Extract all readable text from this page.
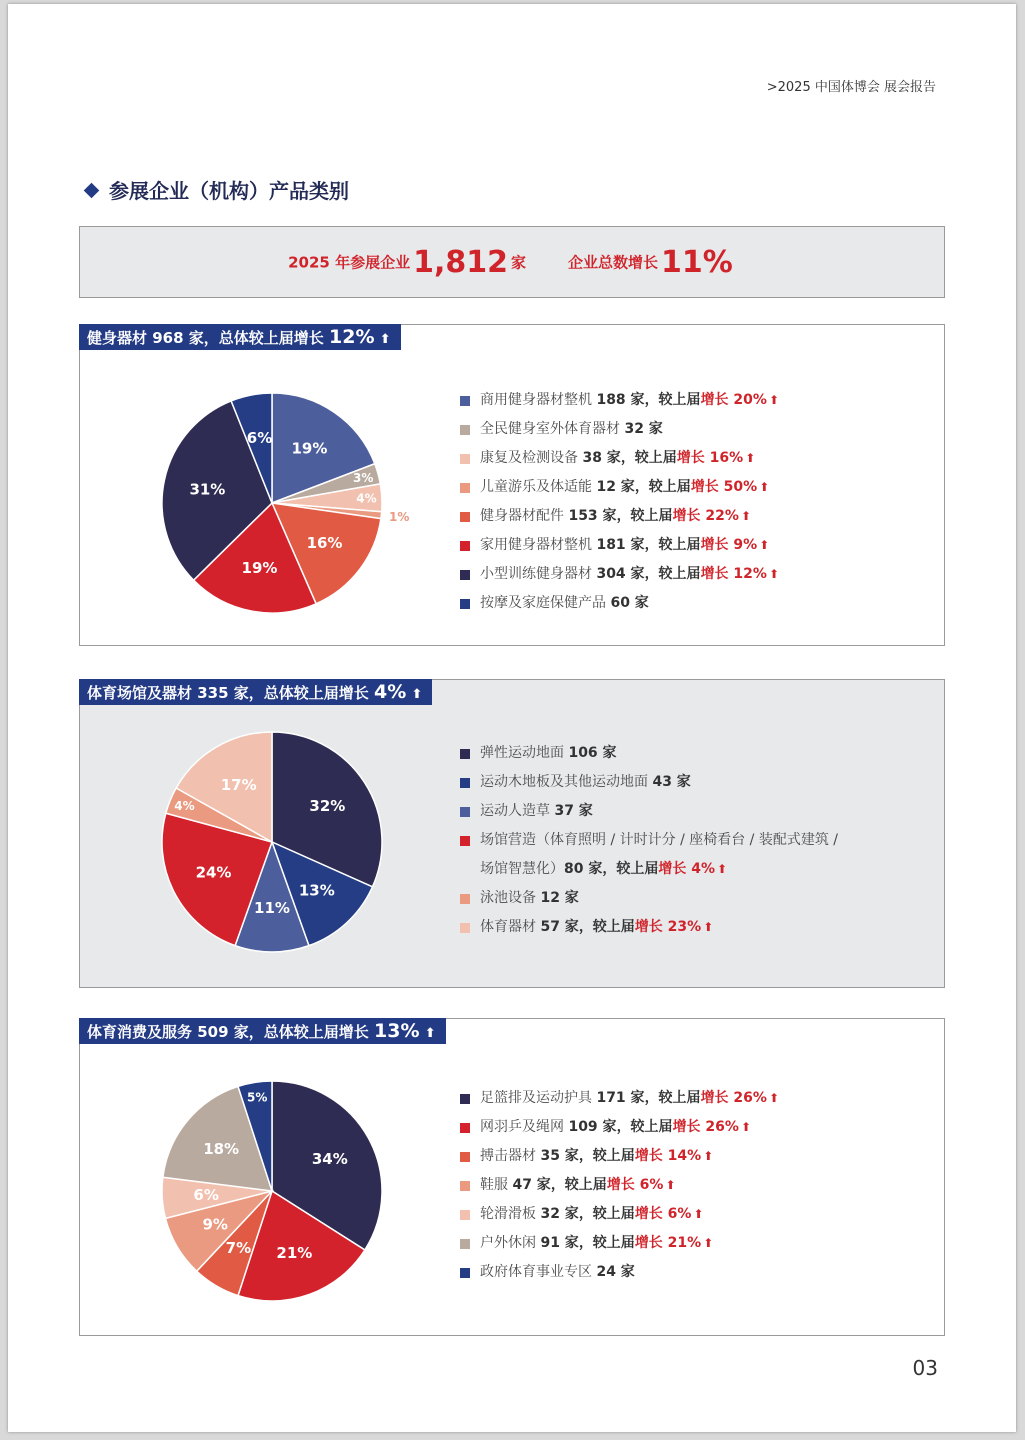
>2025 中国体博会 展会报告
参展企业（机构）产品类别
2025 年参展企业 1,812 家	企业总数增长 11%
健身器材 968 家，总体较上届增长 12% ⬆
19%
3%
4%
1%
16%
19%
31%
6%
商用健身器材整机 188 家，较上届增长 20% ⬆
全民健身室外体育器材 32 家
康复及检测设备 38 家，较上届增长 16% ⬆
儿童游乐及体适能 12 家，较上届增长 50% ⬆
健身器材配件 153 家，较上届增长 22% ⬆
家用健身器材整机 181 家，较上届增长 9% ⬆
小型训练健身器材 304 家，较上届增长 12% ⬆
按摩及家庭保健产品 60 家
体育场馆及器材 335 家，总体较上届增长 4% ⬆
32%
13%
11%
24%
4%
17%
弹性运动地面 106 家
运动木地板及其他运动地面 43 家
运动人造草 37 家
场馆营造（体育照明 / 计时计分 / 座椅看台 / 装配式建筑 /
场馆智慧化）80 家，较上届增长 4% ⬆
泳池设备 12 家
体育器材 57 家，较上届增长 23% ⬆
体育消费及服务 509 家，总体较上届增长 13% ⬆
34%
21%
7%
9%
6%
18%
5%	足篮排及运动护具 171 家，较上届增长 26% ⬆
网羽乒及绳网 109 家，较上届增长 26% ⬆
搏击器材 35 家，较上届增长 14% ⬆
鞋服 47 家，较上届增长 6% ⬆
轮滑滑板 32 家，较上届增长 6% ⬆
户外休闲 91 家，较上届增长 21% ⬆
政府体育事业专区 24 家
03
